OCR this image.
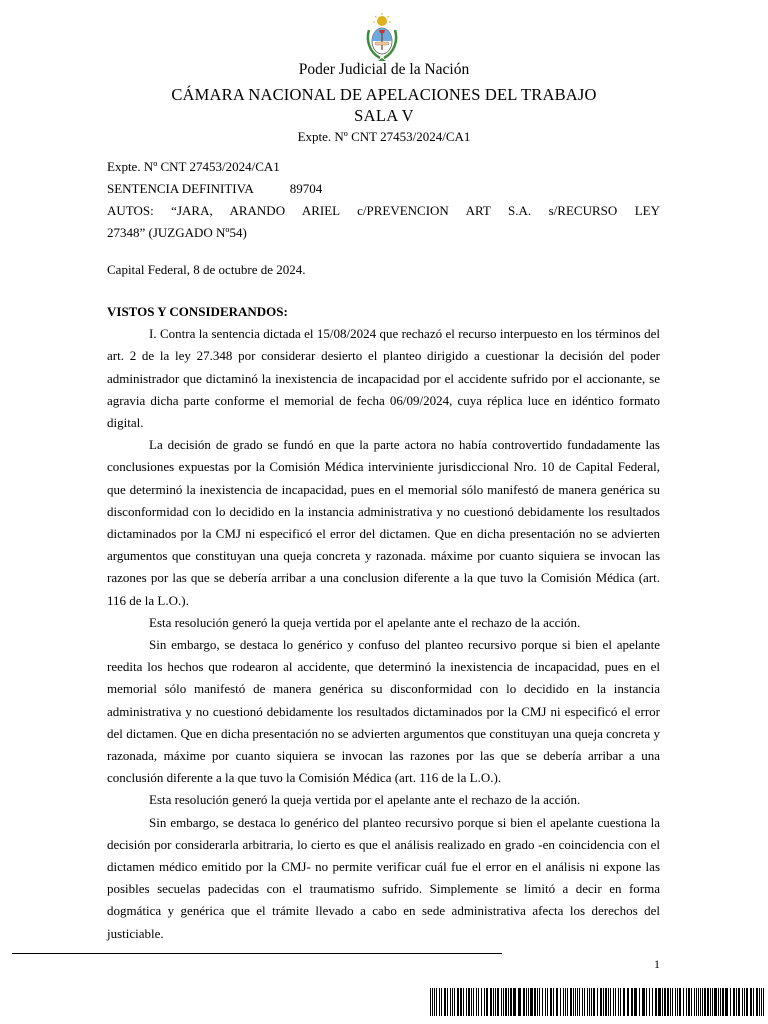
Poder Judicial de la Nación
CÁMARA NACIONAL DE APELACIONES DEL TRABAJO
SALA V
Expte. Nº CNT 27453/2024/CA1
Expte. Nº CNT 27453/2024/CA1
SENTENCIA DEFINITIVA	89704
AUTOS: “JARA, ARANDO ARIEL c/PREVENCION ART S.A. s/RECURSO LEY
27348” (JUZGADO Nº54)
Capital Federal, 8 de octubre de 2024.
VISTOS Y CONSIDERANDOS:

I. Contra la sentencia dictada el 15/08/2024 que rechazó el recurso interpuesto en los términos del art. 2 de la ley 27.348 por considerar desierto el planteo dirigido a cuestionar la decisión del poder administrador que dictaminó la inexistencia de incapacidad por el accidente sufrido por el accionante, se agravia dicha parte conforme el memorial de fecha 06/09/2024, cuya réplica luce en idéntico formato digital.

La decisión de grado se fundó en que la parte actora no había controvertido fundadamente las conclusiones expuestas por la Comisión Médica interviniente jurisdiccional Nro. 10 de Capital Federal, que determinó la inexistencia de incapacidad, pues en el memorial sólo manifestó de manera genérica su disconformidad con lo decidido en la instancia administrativa y no cuestionó debidamente los resultados dictaminados por la CMJ ni especificó el error del dictamen. Que en dicha presentación no se advierten argumentos que constituyan una queja concreta y razonada. máxime por cuanto siquiera se invocan las razones por las que se debería arribar a una conclusion diferente a la que tuvo la Comisión Médica (art. 116 de la L.O.).

Esta resolución generó la queja vertida por el apelante ante el rechazo de la acción.

Sin embargo, se destaca lo genérico y confuso del planteo recursivo porque si bien el apelante reedita los hechos que rodearon al accidente, que determinó la inexistencia de incapacidad, pues en el memorial sólo manifestó de manera genérica su disconformidad con lo decidido en la instancia administrativa y no cuestionó debidamente los resultados dictaminados por la CMJ ni especificó el error del dictamen. Que en dicha presentación no se advierten argumentos que constituyan una queja concreta y razonada, máxime por cuanto siquiera se invocan las razones por las que se debería arribar a una conclusión diferente a la que tuvo la Comisión Médica (art. 116 de la L.O.).

Esta resolución generó la queja vertida por el apelante ante el rechazo de la acción.

Sin embargo, se destaca lo genérico del planteo recursivo porque si bien el apelante cuestiona la decisión por considerarla arbitraria, lo cierto es que el análisis realizado en grado -en coincidencia con el dictamen médico emitido por la CMJ- no permite verificar cuál fue el error en el análisis ni expone las posibles secuelas padecidas con el traumatismo sufrido. Simplemente se limitó a decir en forma dogmática y genérica que el trámite llevado a cabo en sede administrativa afecta los derechos del justiciable.

1
